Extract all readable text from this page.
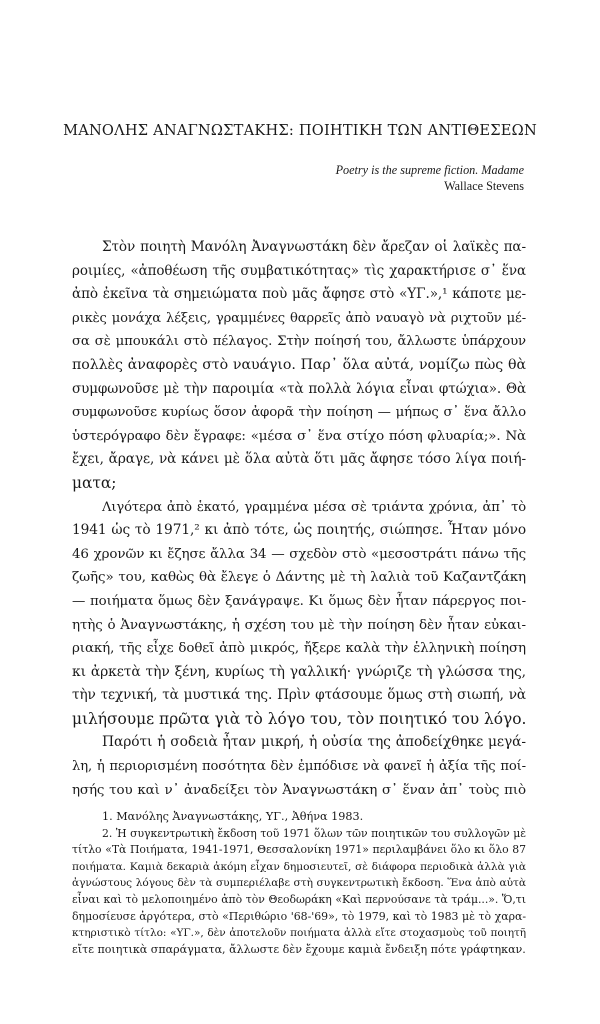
ΜΑΝΟΛΗΣ ΑΝΑΓΝΩΣΤΑΚΗΣ: ΠΟΙΗΤΙΚΗ ΤΩΝ ΑΝΤΙΘΕΣΕΩΝ
Poetry is the supreme fiction. Madame
Wallace Stevens
Στὸν ποιητὴ Μανόλη Ἀναγνωστάκη δὲν ἄρεζαν οἱ λαϊκὲς πα-
ροιμίες, «ἀποθέωση τῆς συμβατικότητας» τὶς χαρακτήρισε σ᾽ ἕνα
ἀπὸ ἐκεῖνα τὰ σημειώματα ποὺ μᾶς ἄφησε στὸ «ΥΓ.»,¹ κάποτε με-
ρικὲς μονάχα λέξεις, γραμμένες θαρρεῖς ἀπὸ ναυαγὸ νὰ ριχτοῦν μέ-
σα σὲ μπουκάλι στὸ πέλαγος. Στὴν ποίησή του, ἄλλωστε ὑπάρχουν
πολλὲς ἀναφορὲς στὸ ναυάγιο. Παρ᾽ ὅλα αὐτά, νομίζω πὼς θὰ
συμφωνοῦσε μὲ τὴν παροιμία «τὰ πολλὰ λόγια εἶναι φτώχια». Θὰ
συμφωνοῦσε κυρίως ὅσον ἀφορᾶ τὴν ποίηση — μήπως σ᾽ ἕνα ἄλλο
ὑστερόγραφο δὲν ἔγραφε: «μέσα σ᾽ ἕνα στίχο πόση φλυαρία;». Νὰ
ἔχει, ἄραγε, νὰ κάνει μὲ ὅλα αὐτὰ ὅτι μᾶς ἄφησε τόσο λίγα ποιή-
ματα;
Λιγότερα ἀπὸ ἑκατό, γραμμένα μέσα σὲ τριάντα χρόνια, ἀπ᾽ τὸ
1941 ὡς τὸ 1971,² κι ἀπὸ τότε, ὡς ποιητής, σιώπησε. Ἦταν μόνο
46 χρονῶν κι ἔζησε ἄλλα 34 — σχεδὸν στὸ «μεσοστράτι πάνω τῆς
ζωῆς» του, καθὼς θὰ ἔλεγε ὁ Δάντης μὲ τὴ λαλιὰ τοῦ Καζαντζάκη
— ποιήματα ὅμως δὲν ξανάγραψε. Κι ὅμως δὲν ἦταν πάρεργος ποι-
ητὴς ὁ Ἀναγνωστάκης, ἡ σχέση του μὲ τὴν ποίηση δὲν ἦταν εὐκαι-
ριακή, τῆς εἶχε δοθεῖ ἀπὸ μικρός, ἤξερε καλὰ τὴν ἑλληνικὴ ποίηση
κι ἀρκετὰ τὴν ξένη, κυρίως τὴ γαλλική· γνώριζε τὴ γλώσσα της,
τὴν τεχνική, τὰ μυστικά της. Πρὶν φτάσουμε ὅμως στὴ σιωπή, νὰ
μιλήσουμε πρῶτα γιὰ τὸ λόγο του, τὸν ποιητικό του λόγο.
Παρότι ἡ σοδειὰ ἦταν μικρή, ἡ οὐσία της ἀποδείχθηκε μεγά-
λη, ἡ περιορισμένη ποσότητα δὲν ἐμπόδισε νὰ φανεῖ ἡ ἀξία τῆς ποί-
ησής του καὶ ν᾽ ἀναδείξει τὸν Ἀναγνωστάκη σ᾽ ἕναν ἀπ᾽ τοὺς πιὸ
1. Μανόλης Ἀναγνωστάκης, ΥΓ., Ἀθήνα 1983.
2. Ἡ συγκεντρωτικὴ ἔκδοση τοῦ 1971 ὅλων τῶν ποιητικῶν του συλλογῶν μὲ
τίτλο «Τὰ Ποιήματα, 1941-1971, Θεσσαλονίκη 1971» περιλαμβάνει ὅλο κι ὅλο 87
ποιήματα. Καμιὰ δεκαριὰ ἀκόμη εἶχαν δημοσιευτεῖ, σὲ διάφορα περιοδικὰ ἀλλὰ γιὰ
ἀγνώστους λόγους δὲν τὰ συμπεριέλαβε στὴ συγκεντρωτικὴ ἔκδοση. Ἕνα ἀπὸ αὐτὰ
εἶναι καὶ τὸ μελοποιημένο ἀπὸ τὸν Θεοδωράκη «Καὶ περνούσανε τὰ τράμ...». Ὅ,τι
δημοσίευσε ἀργότερα, στὸ «Περιθώριο '68-'69», τὸ 1979, καὶ τὸ 1983 μὲ τὸ χαρα-
κτηριστικὸ τίτλο: «ΥΓ.», δὲν ἀποτελοῦν ποιήματα ἀλλὰ εἴτε στοχασμοὺς τοῦ ποιητῆ
εἴτε ποιητικὰ σπαράγματα, ἄλλωστε δὲν ἔχουμε καμιὰ ἔνδειξη πότε γράφτηκαν.
